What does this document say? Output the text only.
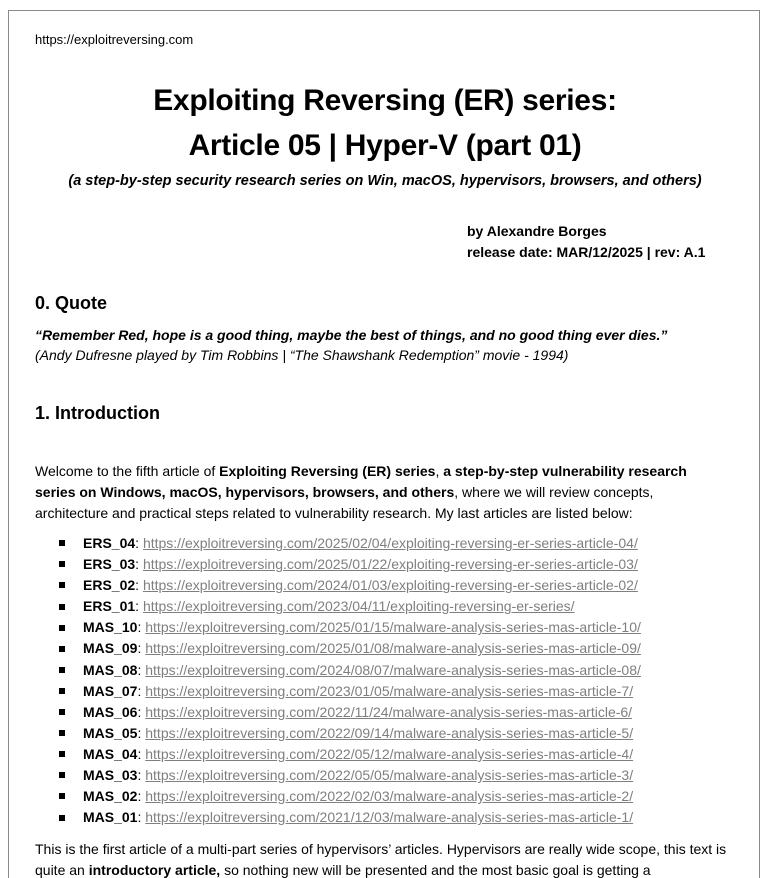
https://exploitreversing.com
Exploiting Reversing (ER) series:
Article 05 | Hyper-V (part 01)
(a step-by-step security research series on Win, macOS, hypervisors, browsers, and others)
by Alexandre Borges
release date: MAR/12/2025 | rev: A.1
0. Quote
“Remember Red, hope is a good thing, maybe the best of things, and no good thing ever dies.”
(Andy Dufresne played by Tim Robbins | “The Shawshank Redemption” movie - 1994)
1. Introduction
Welcome to the fifth article of Exploiting Reversing (ER) series, a step-by-step vulnerability research series on Windows, macOS, hypervisors, browsers, and others, where we will review concepts, architecture and practical steps related to vulnerability research. My last articles are listed below:
ERS_04: https://exploitreversing.com/2025/02/04/exploiting-reversing-er-series-article-04/
ERS_03: https://exploitreversing.com/2025/01/22/exploiting-reversing-er-series-article-03/
ERS_02: https://exploitreversing.com/2024/01/03/exploiting-reversing-er-series-article-02/
ERS_01: https://exploitreversing.com/2023/04/11/exploiting-reversing-er-series/
MAS_10: https://exploitreversing.com/2025/01/15/malware-analysis-series-mas-article-10/
MAS_09: https://exploitreversing.com/2025/01/08/malware-analysis-series-mas-article-09/
MAS_08: https://exploitreversing.com/2024/08/07/malware-analysis-series-mas-article-08/
MAS_07: https://exploitreversing.com/2023/01/05/malware-analysis-series-mas-article-7/
MAS_06: https://exploitreversing.com/2022/11/24/malware-analysis-series-mas-article-6/
MAS_05: https://exploitreversing.com/2022/09/14/malware-analysis-series-mas-article-5/
MAS_04: https://exploitreversing.com/2022/05/12/malware-analysis-series-mas-article-4/
MAS_03: https://exploitreversing.com/2022/05/05/malware-analysis-series-mas-article-3/
MAS_02: https://exploitreversing.com/2022/02/03/malware-analysis-series-mas-article-2/
MAS_01: https://exploitreversing.com/2021/12/03/malware-analysis-series-mas-article-1/
This is the first article of a multi-part series of hypervisors’ articles. Hypervisors are really wide scope, this text is quite an introductory article, so nothing new will be presented and the most basic goal is getting a
